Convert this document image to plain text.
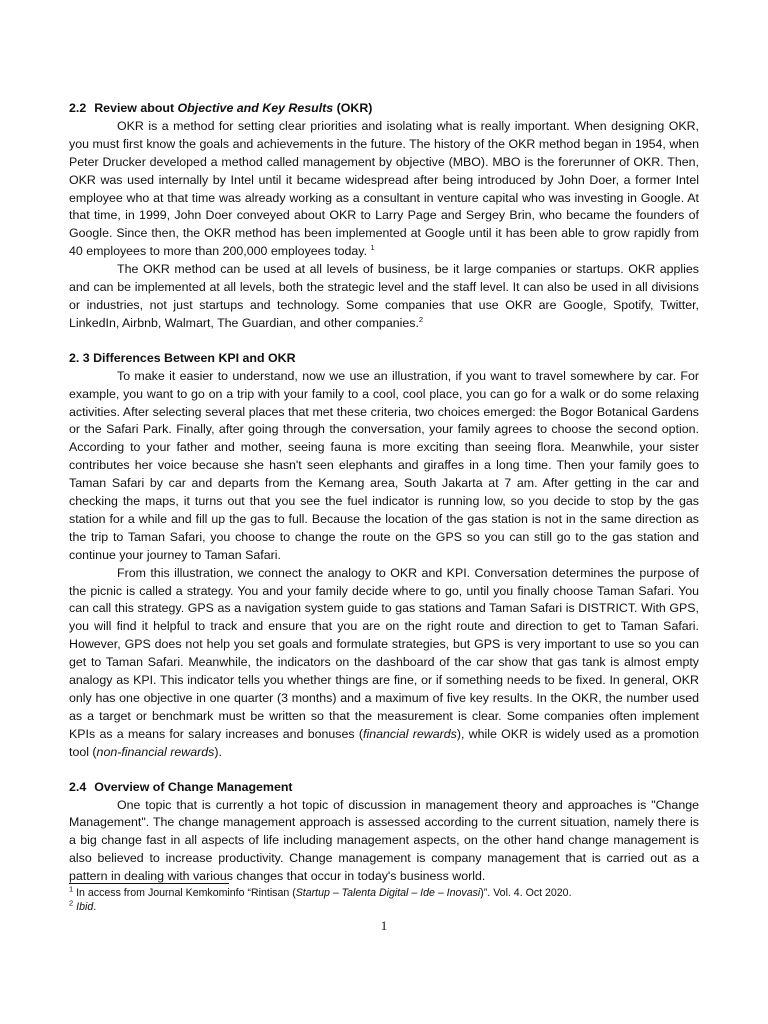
2.2 Review about Objective and Key Results (OKR)

OKR is a method for setting clear priorities and isolating what is really important. When designing OKR, you must first know the goals and achievements in the future. The history of the OKR method began in 1954, when Peter Drucker developed a method called management by objective (MBO). MBO is the forerunner of OKR. Then, OKR was used internally by Intel until it became widespread after being introduced by John Doer, a former Intel employee who at that time was already working as a consultant in venture capital who was investing in Google. At that time, in 1999, John Doer conveyed about OKR to Larry Page and Sergey Brin, who became the founders of Google. Since then, the OKR method has been implemented at Google until it has been able to grow rapidly from 40 employees to more than 200,000 employees today. $^1$

The OKR method can be used at all levels of business, be it large companies or startups. OKR applies and can be implemented at all levels, both the strategic level and the staff level. It can also be used in all divisions or industries, not just startups and technology. Some companies that use OKR are Google, Spotify, Twitter, LinkedIn, Airbnb, Walmart, The Guardian, and other companies.$^2$

2. 3 Differences Between KPI and OKR

To make it easier to understand, now we use an illustration, if you want to travel somewhere by car. For example, you want to go on a trip with your family to a cool, cool place, you can go for a walk or do some relaxing activities. After selecting several places that met these criteria, two choices emerged: the Bogor Botanical Gardens or the Safari Park. Finally, after going through the conversation, your family agrees to choose the second option. According to your father and mother, seeing fauna is more exciting than seeing flora. Meanwhile, your sister contributes her voice because she hasn't seen elephants and giraffes in a long time. Then your family goes to Taman Safari by car and departs from the Kemang area, South Jakarta at 7 am. After getting in the car and checking the maps, it turns out that you see the fuel indicator is running low, so you decide to stop by the gas station for a while and fill up the gas to full. Because the location of the gas station is not in the same direction as the trip to Taman Safari, you choose to change the route on the GPS so you can still go to the gas station and continue your journey to Taman Safari.

From this illustration, we connect the analogy to OKR and KPI. Conversation determines the purpose of the picnic is called a strategy. You and your family decide where to go, until you finally choose Taman Safari. You can call this strategy. GPS as a navigation system guide to gas stations and Taman Safari is DISTRICT. With GPS, you will find it helpful to track and ensure that you are on the right route and direction to get to Taman Safari. However, GPS does not help you set goals and formulate strategies, but GPS is very important to use so you can get to Taman Safari. Meanwhile, the indicators on the dashboard of the car show that gas tank is almost empty analogy as KPI. This indicator tells you whether things are fine, or if something needs to be fixed. In general, OKR only has one objective in one quarter (3 months) and a maximum of five key results. In the OKR, the number used as a target or benchmark must be written so that the measurement is clear. Some companies often implement KPIs as a means for salary increases and bonuses (financial rewards), while OKR is widely used as a promotion tool (non-financial rewards).

2.4 Overview of Change Management

One topic that is currently a hot topic of discussion in management theory and approaches is "Change Management". The change management approach is assessed according to the current situation, namely there is a big change fast in all aspects of life including management aspects, on the other hand change management is also believed to increase productivity. Change management is company management that is carried out as a pattern in dealing with various changes that occur in today's business world.

$^1$ In access from Journal Kemkominfo “Rintisan (Startup – Talenta Digital – Ide – Inovasi)”. Vol. 4. Oct 2020.
$^2$ Ibid.
1
